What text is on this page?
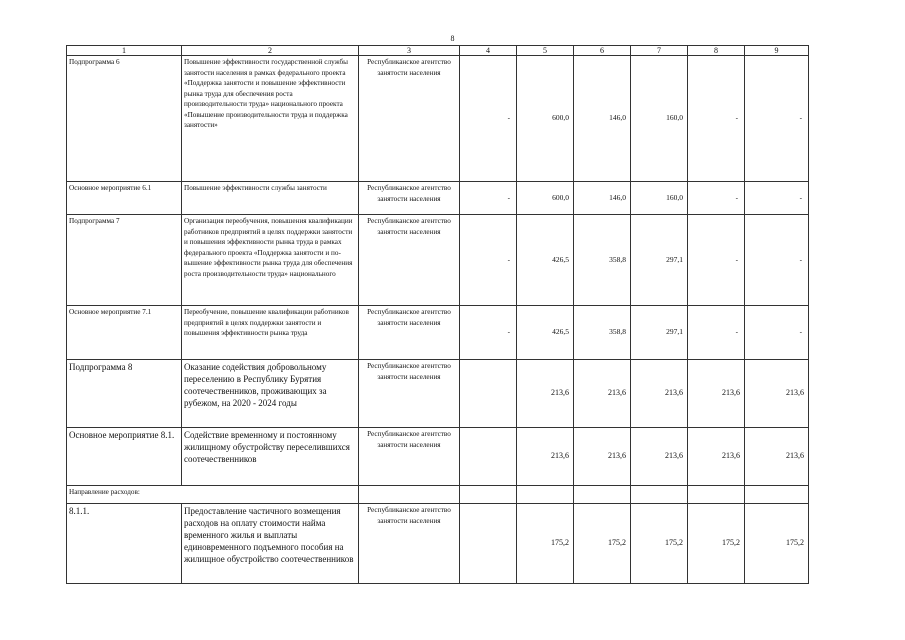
8
1	2	3	4	5	6	7	8	9
Подпрограмма 6	Повышение эффективности государственной службы занятости населения в рамках федерального проекта «Поддержка занятости и повышение эффективности рынка труда для обеспечения роста производительности труда» национального проекта «Повышение производительности труда и поддержка занятости»	Республиканское агентство занятости населения	-	600,0	146,0	160,0	-	-
Основное мероприятие 6.1	Повышение эффективности службы занятости	Республиканское агентство занятости населения	-	600,0	146,0	160,0	-	-
Подпрограмма 7	Организация переобучения, повышения квалификации работников предприятий в целях поддержки занятости и повышения эффективности рынка труда в рамках федерального проекта «Поддержка занятости и по-вышение эффективности рынка труда для обеспечения роста производительности труда» национального	Республиканское агентство занятости населения	-	426,5	358,8	297,1	-	-
Основное мероприятие 7.1	Переобучение, повышение квалификации работников предприятий в целях поддержки занятости и повышения эффективности рынка труда	Республиканское агентство занятости населения	-	426,5	358,8	297,1	-	-
Подпрограмма 8	Оказание содействия добровольному переселению в Республику Бурятия соотечественников, проживающих за рубежом, на 2020 - 2024 годы	Республиканское агентство занятости населения		213,6	213,6	213,6	213,6	213,6
Основное мероприятие 8.1.	Содействие временному и постоянному жилищному обустройству переселившихся соотечественников	Республиканское агентство занятости населения		213,6	213,6	213,6	213,6	213,6
Направление расходов:								
8.1.1.	Предоставление частичного возмещения расходов на оплату стоимости найма временного жилья и выплаты единовременного подъемного пособия на жилищное обустройство соотечественников	Республиканское агентство занятости населения		175,2	175,2	175,2	175,2	175,2
